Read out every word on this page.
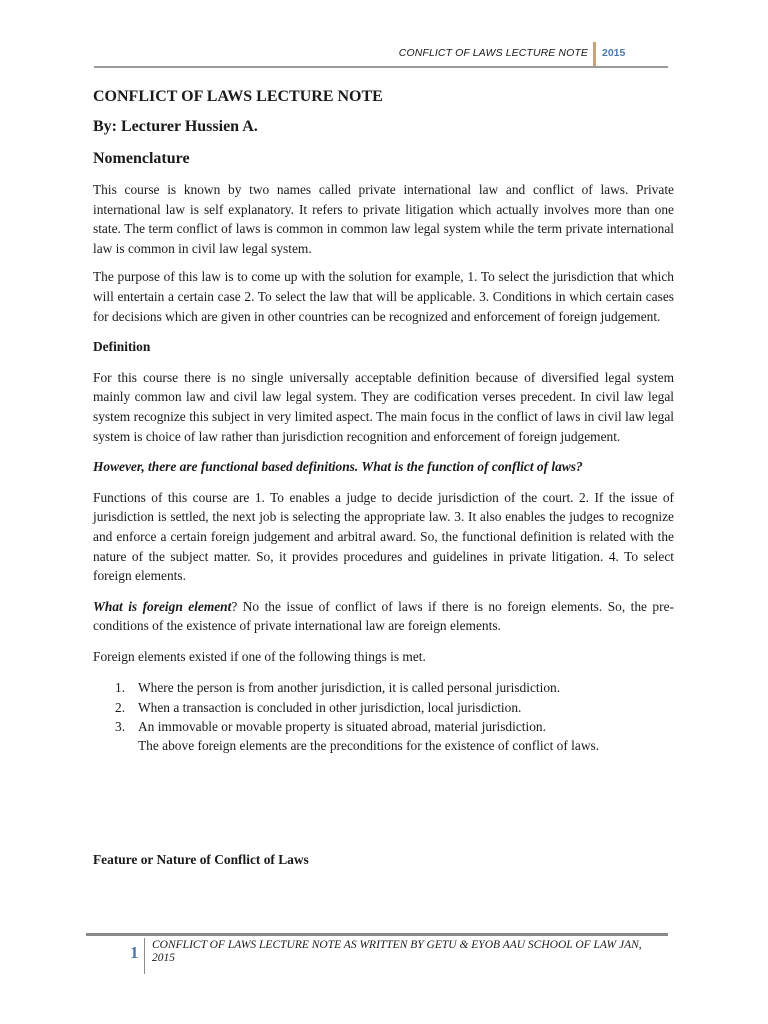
CONFLICT OF LAWS LECTURE NOTE 2015
CONFLICT OF LAWS LECTURE NOTE
By: Lecturer Hussien A.
Nomenclature

This course is known by two names called private international law and conflict of laws. Private international law is self explanatory. It refers to private litigation which actually involves more than one state. The term conflict of laws is common in common law legal system while the term private international law is common in civil law legal system.

The purpose of this law is to come up with the solution for example, 1. To select the jurisdiction that which will entertain a certain case 2. To select the law that will be applicable. 3. Conditions in which certain cases for decisions which are given in other countries can be recognized and enforcement of foreign judgement.

Definition

For this course there is no single universally acceptable definition because of diversified legal system mainly common law and civil law legal system. They are codification verses precedent. In civil law legal system recognize this subject in very limited aspect. The main focus in the conflict of laws in civil law legal system is choice of law rather than jurisdiction recognition and enforcement of foreign judgement.

However, there are functional based definitions. What is the function of conflict of laws?

Functions of this course are 1. To enables a judge to decide jurisdiction of the court. 2. If the issue of jurisdiction is settled, the next job is selecting the appropriate law. 3. It also enables the judges to recognize and enforce a certain foreign judgement and arbitral award. So, the functional definition is related with the nature of the subject matter. So, it provides procedures and guidelines in private litigation. 4. To select foreign elements.

What is foreign element? No the issue of conflict of laws if there is no foreign elements. So, the pre-conditions of the existence of private international law are foreign elements.

Foreign elements existed if one of the following things is met.

1. Where the person is from another jurisdiction, it is called personal jurisdiction.
2. When a transaction is concluded in other jurisdiction, local jurisdiction.
3. An immovable or movable property is situated abroad, material jurisdiction.
The above foreign elements are the preconditions for the existence of conflict of laws.
Feature or Nature of Conflict of Laws
1 CONFLICT OF LAWS LECTURE NOTE AS WRITTEN BY GETU & EYOB AAU SCHOOL OF LAW JAN, 2015
